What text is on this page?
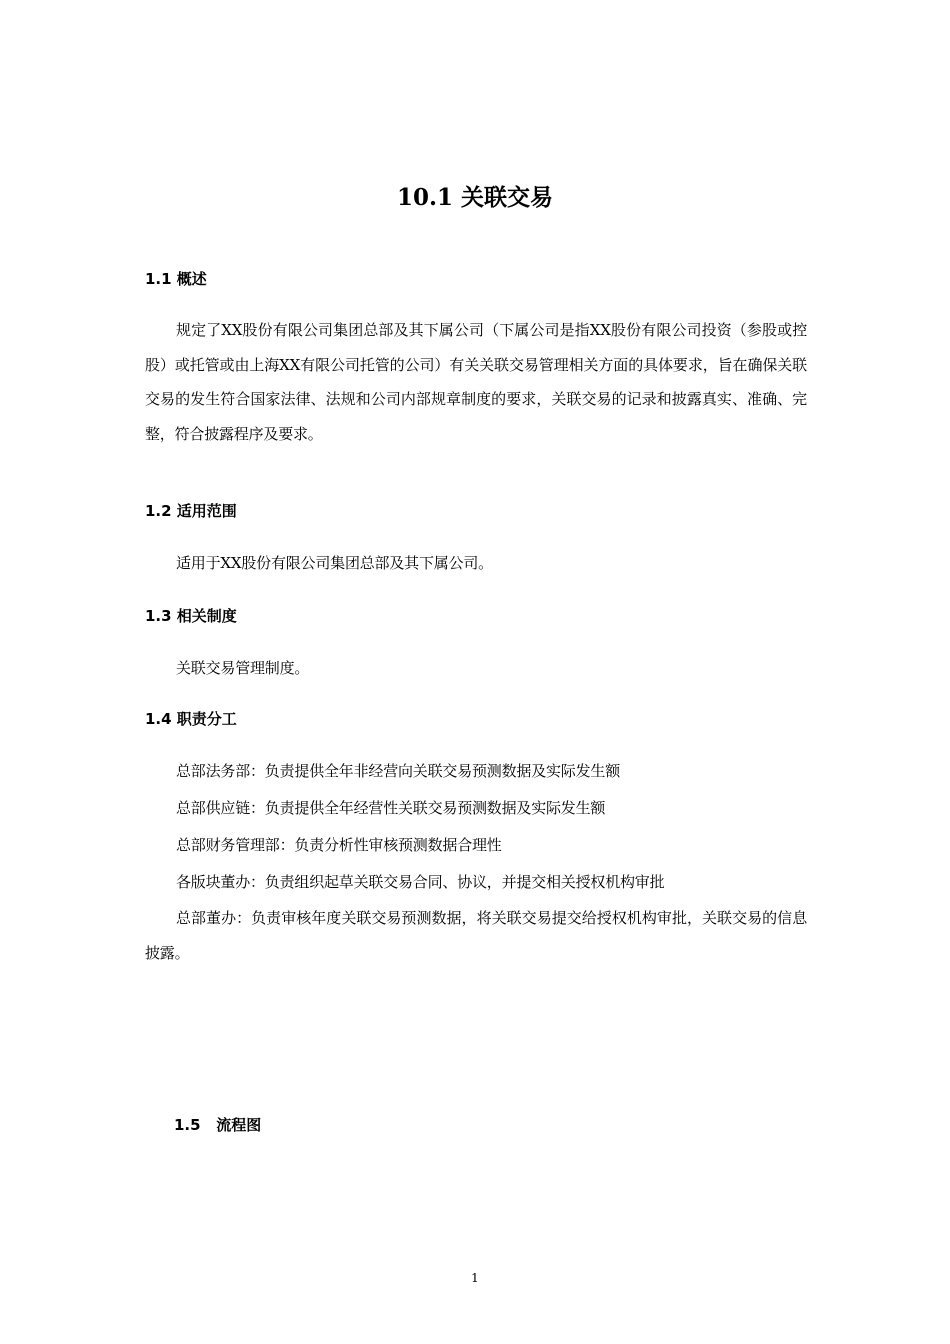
10.1 关联交易
1.1 概述
规定了XX股份有限公司集团总部及其下属公司（下属公司是指XX股份有限公司投资（参股或控股）或托管或由上海XX有限公司托管的公司）有关关联交易管理相关方面的具体要求，旨在确保关联交易的发生符合国家法律、法规和公司内部规章制度的要求，关联交易的记录和披露真实、准确、完整，符合披露程序及要求。
1.2 适用范围
适用于XX股份有限公司集团总部及其下属公司。
1.3 相关制度
关联交易管理制度。
1.4 职责分工
总部法务部：负责提供全年非经营向关联交易预测数据及实际发生额
总部供应链：负责提供全年经营性关联交易预测数据及实际发生额
总部财务管理部：负责分析性审核预测数据合理性
各版块董办：负责组织起草关联交易合同、协议，并提交相关授权机构审批
总部董办：负责审核年度关联交易预测数据，将关联交易提交给授权机构审批，关联交易的信息披露。
1.5   流程图
1
